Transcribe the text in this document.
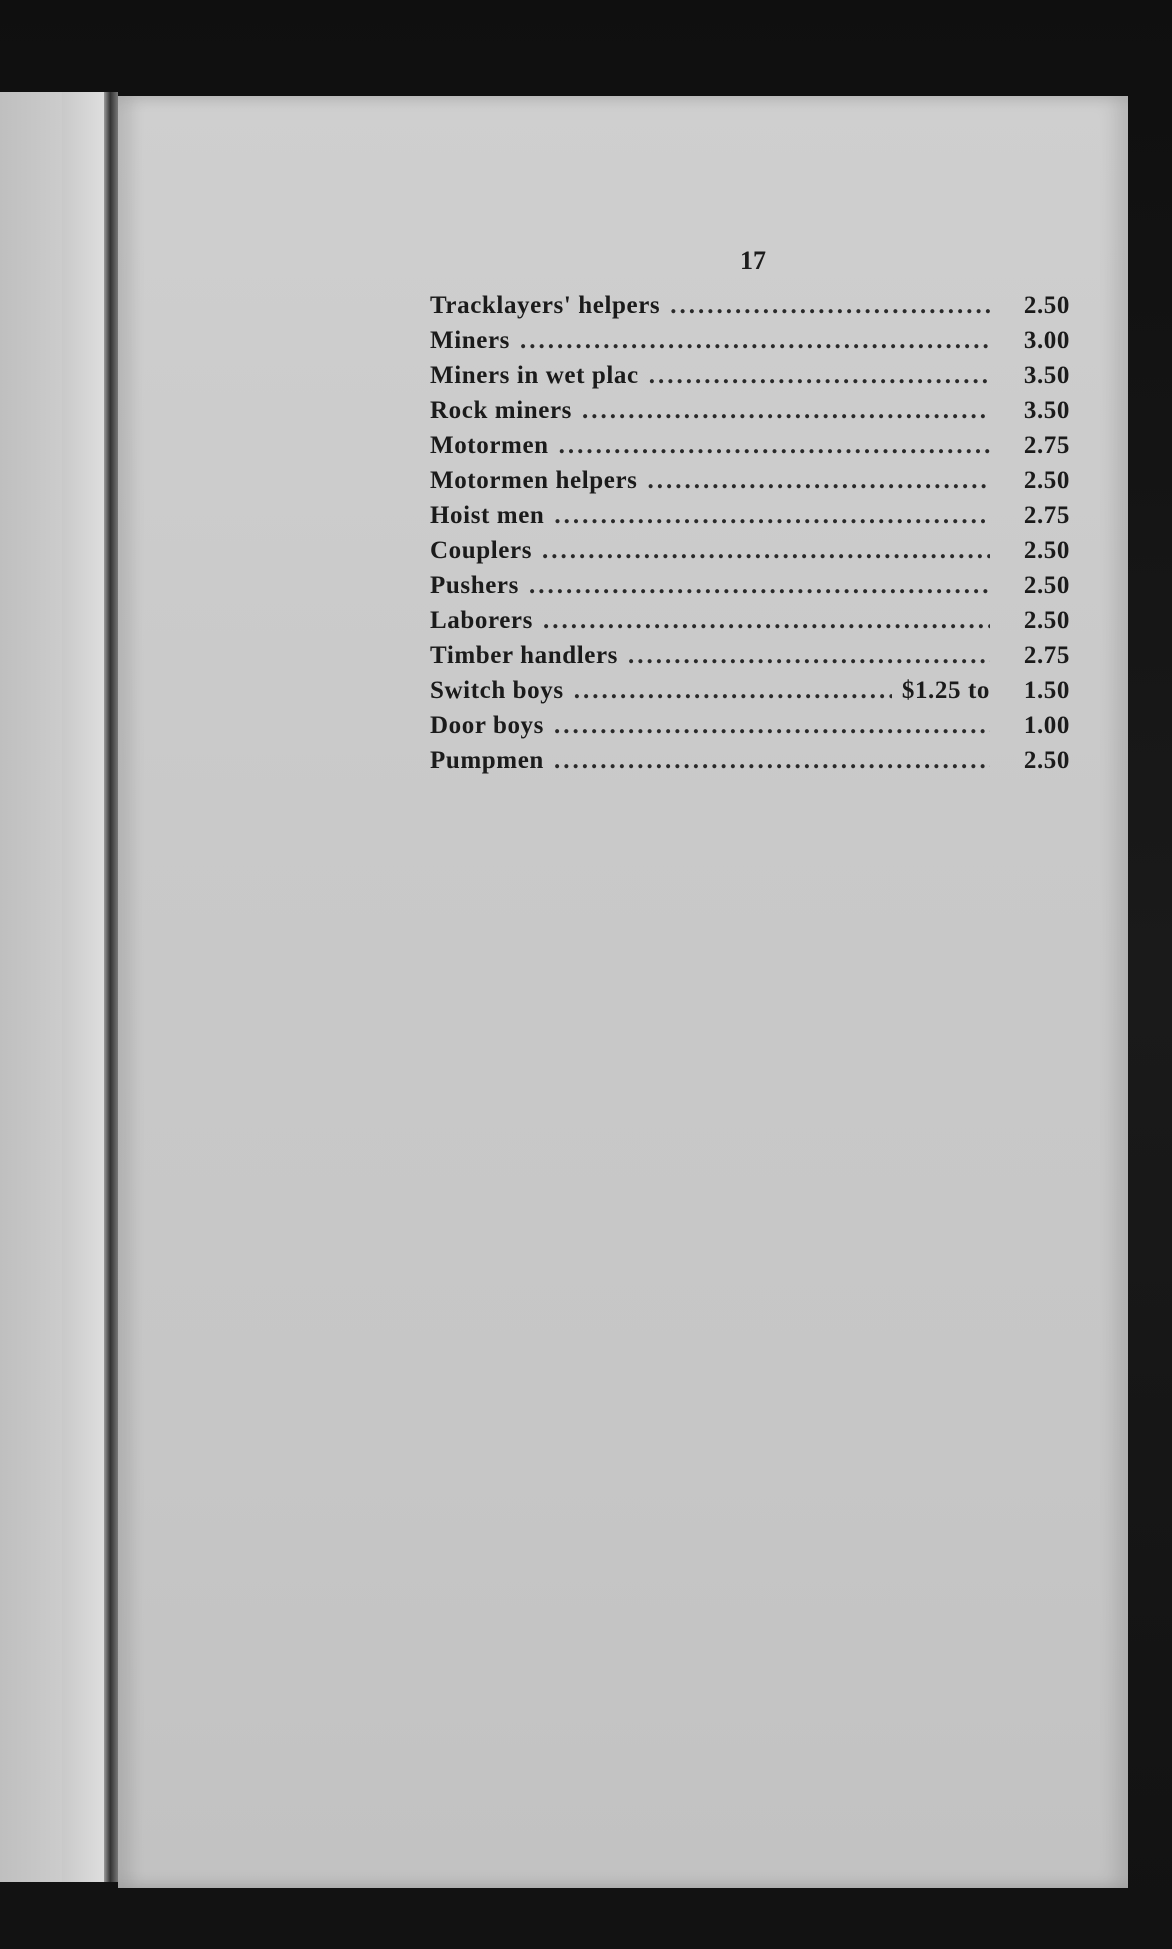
17
Tracklayers' helpers .....	2.50
Miners .....	3.00
Miners in wet plac .....	3.50
Rock miners .....	3.50
Motormen .....	2.75
Motormen helpers .....	2.50
Hoist men .....	2.75
Couplers .....	2.50
Pushers .....	2.50
Laborers .....	2.50
Timber handlers .....	2.75
Switch boys .....	$1.25 to	1.50
Door boys .....	1.00
Pumpmen .....	2.50
